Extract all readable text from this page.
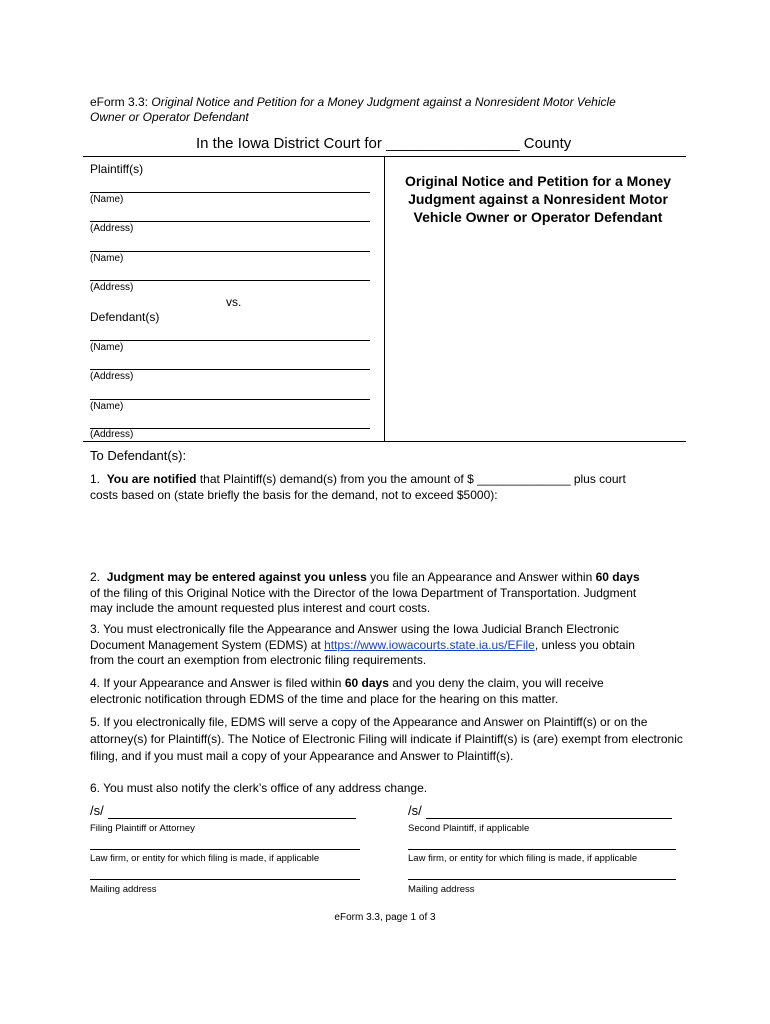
eForm 3.3: Original Notice and Petition for a Money Judgment against a Nonresident Motor Vehicle
Owner or Operator Defendant
In the Iowa District Court for ________________ County
Plaintiff(s)
(Name)
(Address)
(Name)
(Address)
vs.
Defendant(s)
(Name)
(Address)
(Name)
(Address)
Original Notice and Petition for a Money
Judgment against a Nonresident Motor
Vehicle Owner or Operator Defendant
To Defendant(s):
1. You are notified that Plaintiff(s) demand(s) from you the amount of $ ______________ plus court
costs based on (state briefly the basis for the demand, not to exceed $5000):
2. Judgment may be entered against you unless you file an Appearance and Answer within 60 days
of the filing of this Original Notice with the Director of the Iowa Department of Transportation. Judgment
may include the amount requested plus interest and court costs.
3. You must electronically file the Appearance and Answer using the Iowa Judicial Branch Electronic
Document Management System (EDMS) at https://www.iowacourts.state.ia.us/EFile, unless you obtain
from the court an exemption from electronic filing requirements.
4. If your Appearance and Answer is filed within 60 days and you deny the claim, you will receive
electronic notification through EDMS of the time and place for the hearing on this matter.
5. If you electronically file, EDMS will serve a copy of the Appearance and Answer on Plaintiff(s) or on the
attorney(s) for Plaintiff(s). The Notice of Electronic Filing will indicate if Plaintiff(s) is (are) exempt from electronic
filing, and if you must mail a copy of your Appearance and Answer to Plaintiff(s).
6. You must also notify the clerk’s office of any address change.
/s/
Filing Plaintiff or Attorney
/s/
Second Plaintiff, if applicable
Law firm, or entity for which filing is made, if applicable	Law firm, or entity for which filing is made, if applicable
Mailing address	Mailing address
eForm 3.3, page 1 of 3
